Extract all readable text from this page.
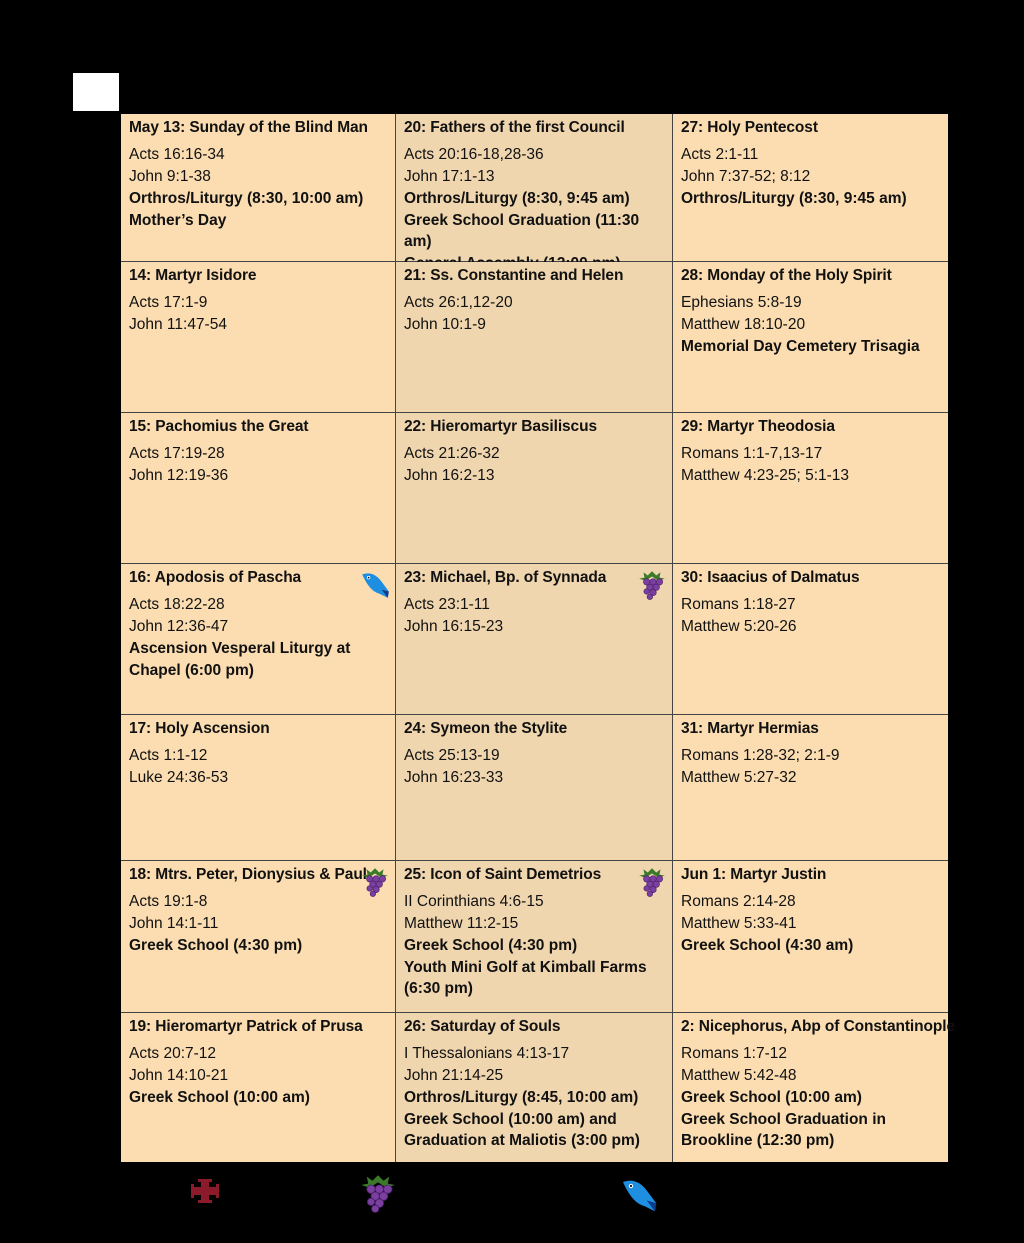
May 13: Sunday of the Blind Man
Acts 16:16-34
John 9:1-38
Orthros/Liturgy (8:30, 10:00 am)
Mother’s Day
20: Fathers of the first Council
Acts 20:16-18,28-36
John 17:1-13
Orthros/Liturgy (8:30, 9:45 am)
Greek School Graduation (11:30 am)
27: Holy Pentecost
Acts 2:1-11
John 7:37-52; 8:12
Orthros/Liturgy (8:30, 9:45 am)
14: Martyr Isidore
Acts 17:1-9
John 11:47-54
21: Ss. Constantine and Helen
Acts 26:1,12-20
John 10:1-9
28: Monday of the Holy Spirit
Ephesians 5:8-19
Matthew 18:10-20
Memorial Day Cemetery Trisagia
15: Pachomius the Great
Acts 17:19-28
John 12:19-36
22: Hieromartyr Basiliscus
Acts 21:26-32
John 16:2-13
29: Martyr Theodosia
Romans 1:1-7,13-17
Matthew 4:23-25; 5:1-13
16: Apodosis of Pascha
Acts 18:22-28
John 12:36-47
Ascension Vesperal Liturgy at Chapel (6:00 pm)
23: Michael, Bp. of Synnada
Acts 23:1-11
John 16:15-23
30: Isaacius of Dalmatus
Romans 1:18-27
Matthew 5:20-26
17: Holy Ascension
Acts 1:1-12
Luke 24:36-53
24: Symeon the Stylite
Acts 25:13-19
John 16:23-33
31: Martyr Hermias
Romans 1:28-32; 2:1-9
Matthew 5:27-32
18: Mtrs. Peter, Dionysius & Paul
Acts 19:1-8
John 14:1-11
Greek School (4:30 pm)
25: Icon of Saint Demetrios
II Corinthians 4:6-15
Matthew 11:2-15
Greek School (4:30 pm)
Youth Mini Golf at Kimball Farms (6:30 pm)
Jun 1: Martyr Justin
Romans 2:14-28
Matthew 5:33-41
Greek School (4:30 am)
19: Hieromartyr Patrick of Prusa
Acts 20:7-12
John 14:10-21
Greek School (10:00 am)
26: Saturday of Souls
I Thessalonians 4:13-17
John 21:14-25
Orthros/Liturgy (8:45, 10:00 am)
Greek School (10:00 am) and Graduation at Maliotis (3:00 pm)
2: Nicephorus, Abp of Constantinople
Romans 1:7-12
Matthew 5:42-48
Greek School (10:00 am)
Greek School Graduation in Brookline (12:30 pm)
